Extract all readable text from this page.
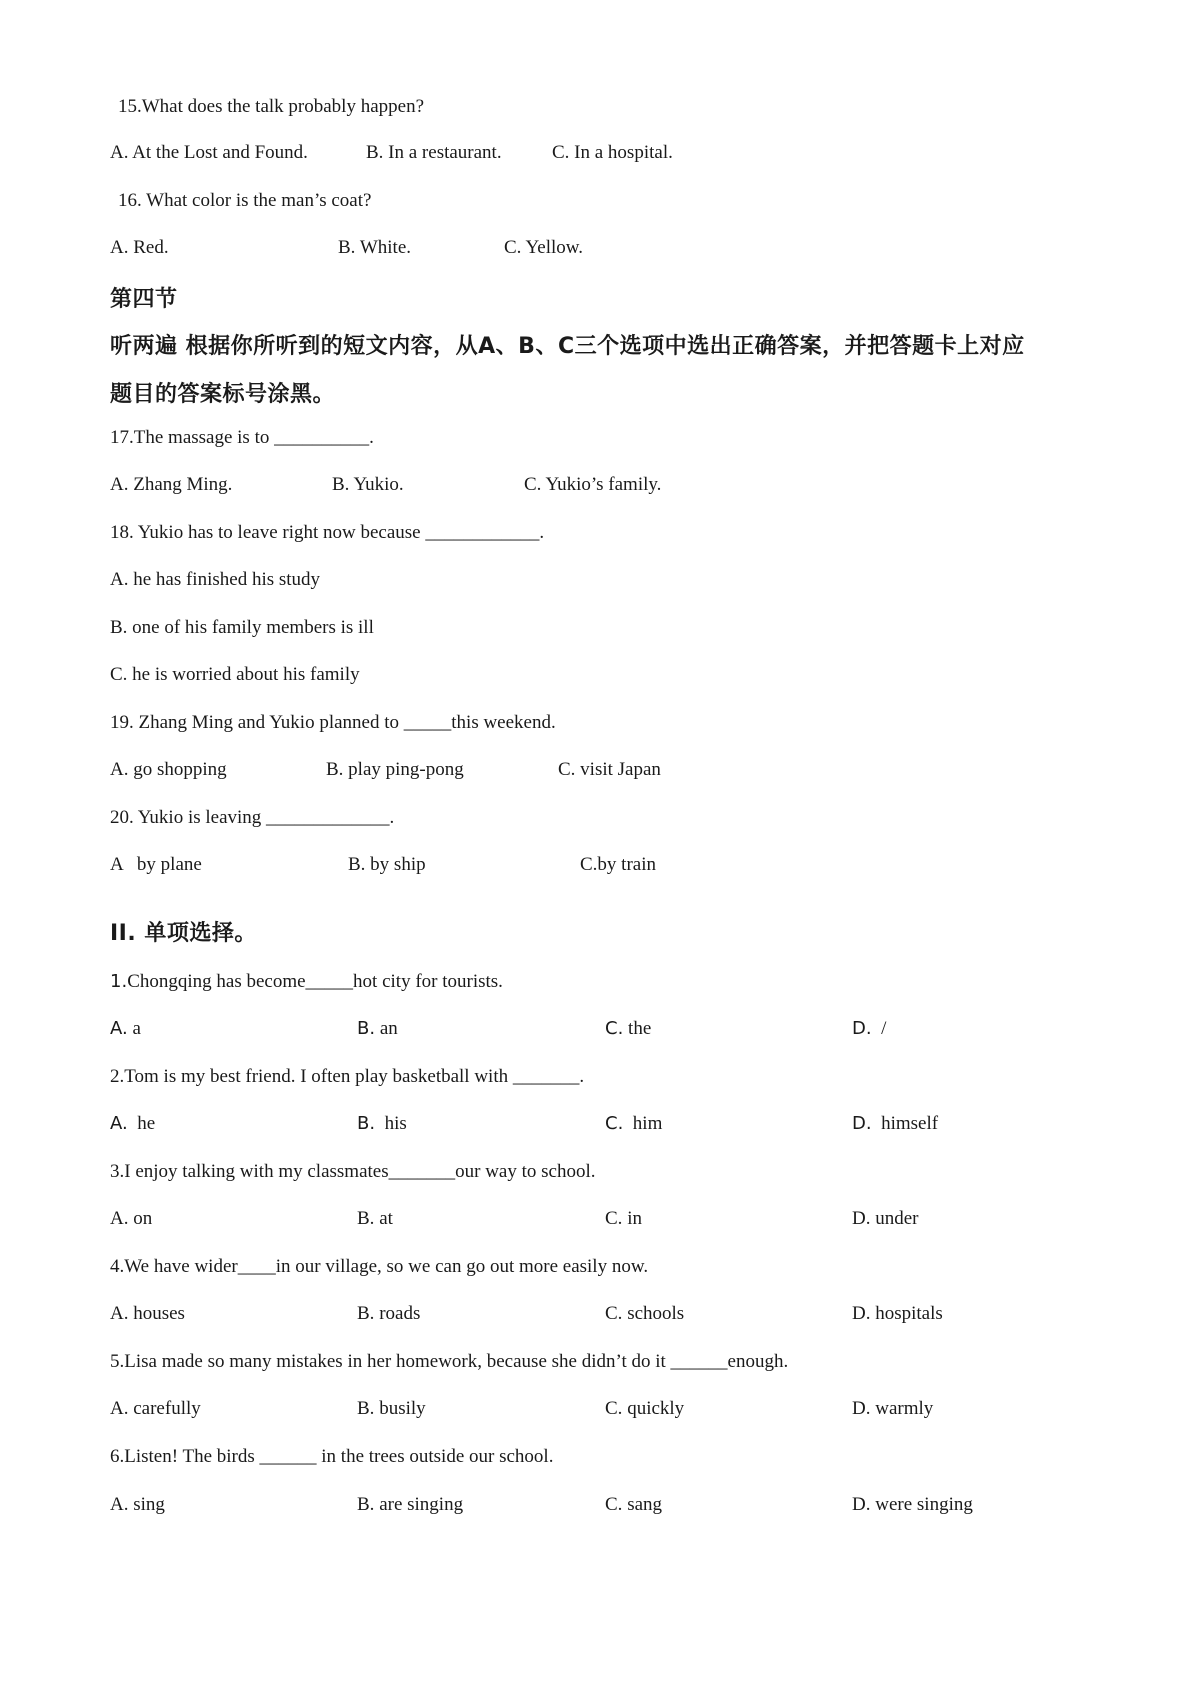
15.What does the talk probably happen?
A. At the Lost and Found.	B. In a restaurant.	C. In a hospital.
16. What color is the man’s coat?
A. Red.	B. White.	C. Yellow.
第四节
听两遍 根据你所听到的短文内容，从A、B、C三个选项中选出正确答案，并把答题卡上对应
题目的答案标号涂黑。
17.The massage is to __________.
A. Zhang Ming.	B. Yukio.	C. Yukio’s family.
18. Yukio has to leave right now because ____________.
A. he has finished his study
B. one of his family members is ill
C. he is worried about his family
19. Zhang Ming and Yukio planned to _____this weekend.
A. go shopping	B. play ping-pong	C. visit Japan
20. Yukio is leaving _____________.
A   by plane	B. by ship	C.by train
II. 单项选择。
1.Chongqing has become_____hot city for tourists.
A. a	B. an	C. the	D.  /
2.Tom is my best friend. I often play basketball with _______.
A.  he	B.  his	C.  him	D.  himself
3.I enjoy talking with my classmates_______our way to school.
A. on	B. at	C. in	D. under
4.We have wider____in our village, so we can go out more easily now.
A. houses	B. roads	C. schools	D. hospitals
5.Lisa made so many mistakes in her homework, because she didn’t do it ______enough.
A. carefully	B. busily	C. quickly	D. warmly
6.Listen! The birds ______ in the trees outside our school.
A. sing	B. are singing	C. sang	D. were singing
